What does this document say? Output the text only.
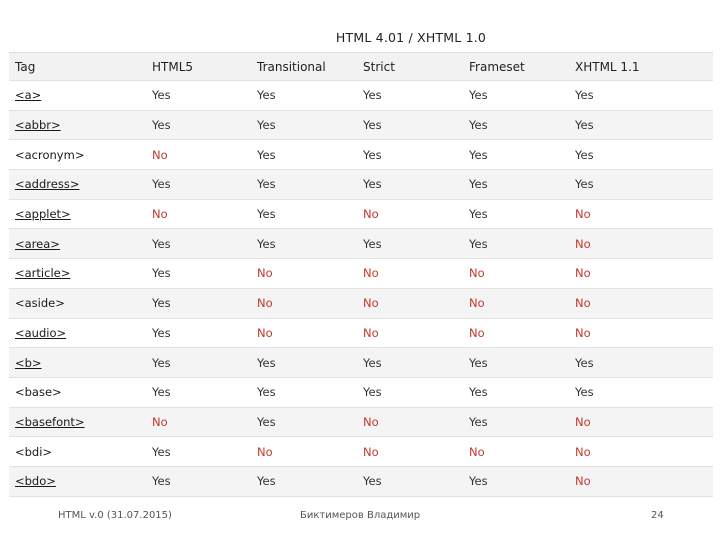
HTML 4.01 / XHTML 1.0
Tag	HTML5	Transitional	Strict	Frameset	XHTML 1.1
<a>	Yes	Yes	Yes	Yes	Yes
<abbr>	Yes	Yes	Yes	Yes	Yes
<acronym>	No	Yes	Yes	Yes	Yes
<address>	Yes	Yes	Yes	Yes	Yes
<applet>	No	Yes	No	Yes	No
<area>	Yes	Yes	Yes	Yes	No
<article>	Yes	No	No	No	No
<aside>	Yes	No	No	No	No
<audio>	Yes	No	No	No	No
<b>	Yes	Yes	Yes	Yes	Yes
<base>	Yes	Yes	Yes	Yes	Yes
<basefont>	No	Yes	No	Yes	No
<bdi>	Yes	No	No	No	No
<bdo>	Yes	Yes	Yes	Yes	No
HTML v.0 (31.07.2015)	Биктимеров Владимир	24
